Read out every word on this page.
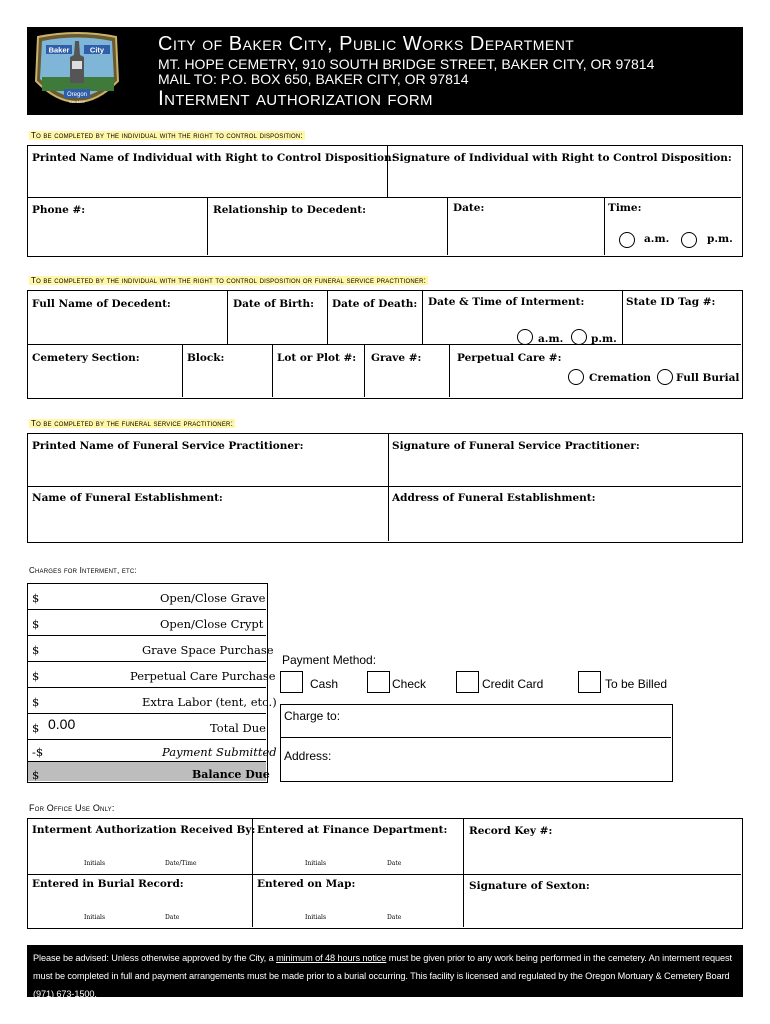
Baker	City
Oregon
Est. 1874
City of Baker City, Public Works Department
MT. HOPE CEMETRY, 910 SOUTH BRIDGE STREET, BAKER CITY, OR 97814
MAIL TO: P.O. BOX 650, BAKER CITY, OR 97814
Interment authorization form
To be completed by the individual with the right to control disposition:
Printed Name of Individual with Right to Control Disposition:
Signature of Individual with Right to Control Disposition:
Phone #:	Relationship to Decedent:	Date:	Time:
a.m.	p.m.
To be completed by the individual with the right to control disposition or funeral service practitioner:
Full Name of Decedent:	Date of Birth: Date of Death: Date & Time of Interment:	State ID Tag #:
a.m.	p.m.
Cemetery Section:	Block:	Lot or Plot #: Grave #:	Perpetual Care #:
Cremation Full Burial
To be completed by the funeral service practitioner:
Printed Name of Funeral Service Practitioner:	Signature of Funeral Service Practitioner:
Name of Funeral Establishment:	Address of Funeral Establishment:
Charges for Interment, etc:
$	Open/Close Grave
$	Open/Close Crypt
$	Grave Space Purchase
$	Perpetual Care Purchase
$	Extra Labor (tent, etc.)
$ 0.00	Total Due
-$	Payment Submitted
$	Balance Due
Payment Method:
Cash	Check	Credit Card	To be Billed
Charge to:
Address:
For Office Use Only:
Interment Authorization Received By: Entered at Finance Department: Record Key #:
Initials	Date/Time	Initials	Date
Entered in Burial Record:	Entered on Map:	Signature of Sexton:
Initials	Date	Initials	Date
Please be advised: Unless otherwise approved by the City, a minimum of 48 hours notice must be given prior to any work being performed in the cemetery. An interment request must be completed in full and payment arrangements must be made prior to a burial occurring. This facility is licensed and regulated by the Oregon Mortuary & Cemetery Board (971) 673-1500.
